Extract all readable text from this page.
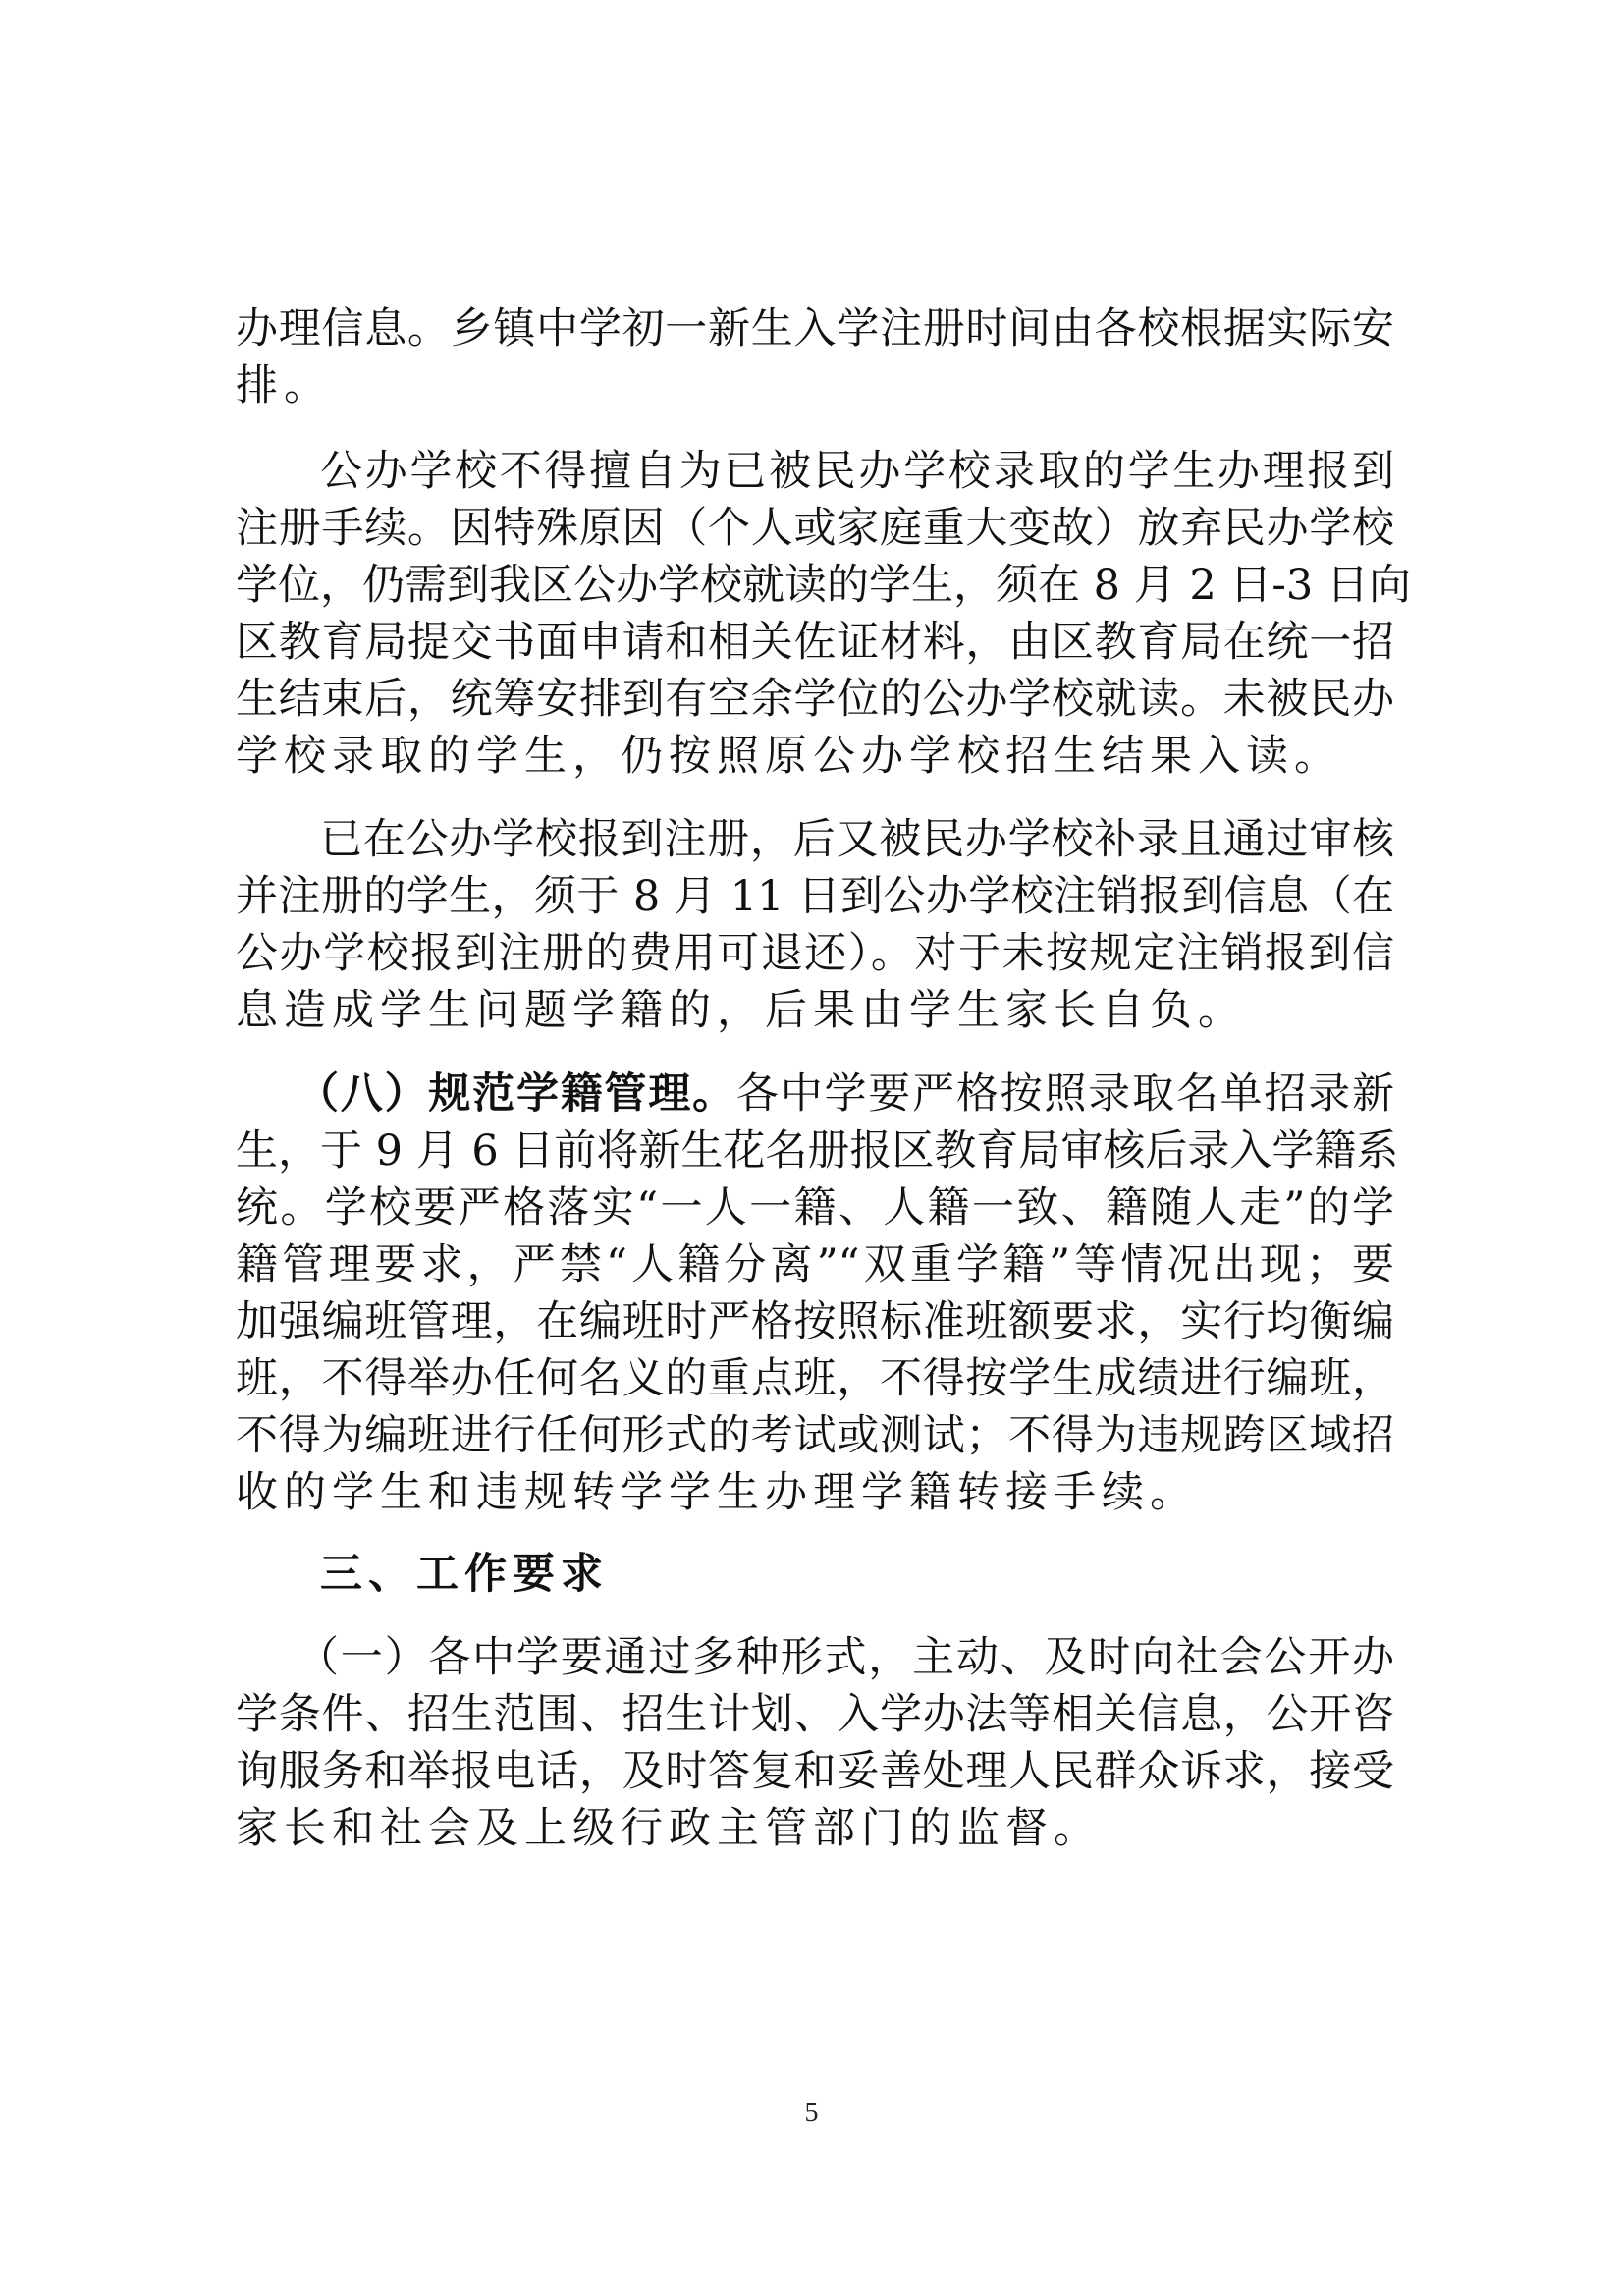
办理信息。乡镇中学初一新生入学注册时间由各校根据实际安
排。
公办学校不得擅自为已被民办学校录取的学生办理报到
注册手续。因特殊原因（个人或家庭重大变故）放弃民办学校
学位，仍需到我区公办学校就读的学生，须在 8 月 2 日-3 日向
区教育局提交书面申请和相关佐证材料，由区教育局在统一招
生结束后，统筹安排到有空余学位的公办学校就读。未被民办
学校录取的学生，仍按照原公办学校招生结果入读。
已在公办学校报到注册，后又被民办学校补录且通过审核
并注册的学生，须于 8 月 11 日到公办学校注销报到信息（在
公办学校报到注册的费用可退还）。对于未按规定注销报到信
息造成学生问题学籍的，后果由学生家长自负。
（八）规范学籍管理。各中学要严格按照录取名单招录新
生，于 9 月 6 日前将新生花名册报区教育局审核后录入学籍系
统。学校要严格落实“一人一籍、人籍一致、籍随人走”的学
籍管理要求，严禁“人籍分离”“双重学籍”等情况出现；要
加强编班管理，在编班时严格按照标准班额要求，实行均衡编
班，不得举办任何名义的重点班，不得按学生成绩进行编班，
不得为编班进行任何形式的考试或测试；不得为违规跨区域招
收的学生和违规转学学生办理学籍转接手续。
三、工作要求
（一）各中学要通过多种形式，主动、及时向社会公开办
学条件、招生范围、招生计划、入学办法等相关信息，公开咨
询服务和举报电话，及时答复和妥善处理人民群众诉求，接受
家长和社会及上级行政主管部门的监督。
5
